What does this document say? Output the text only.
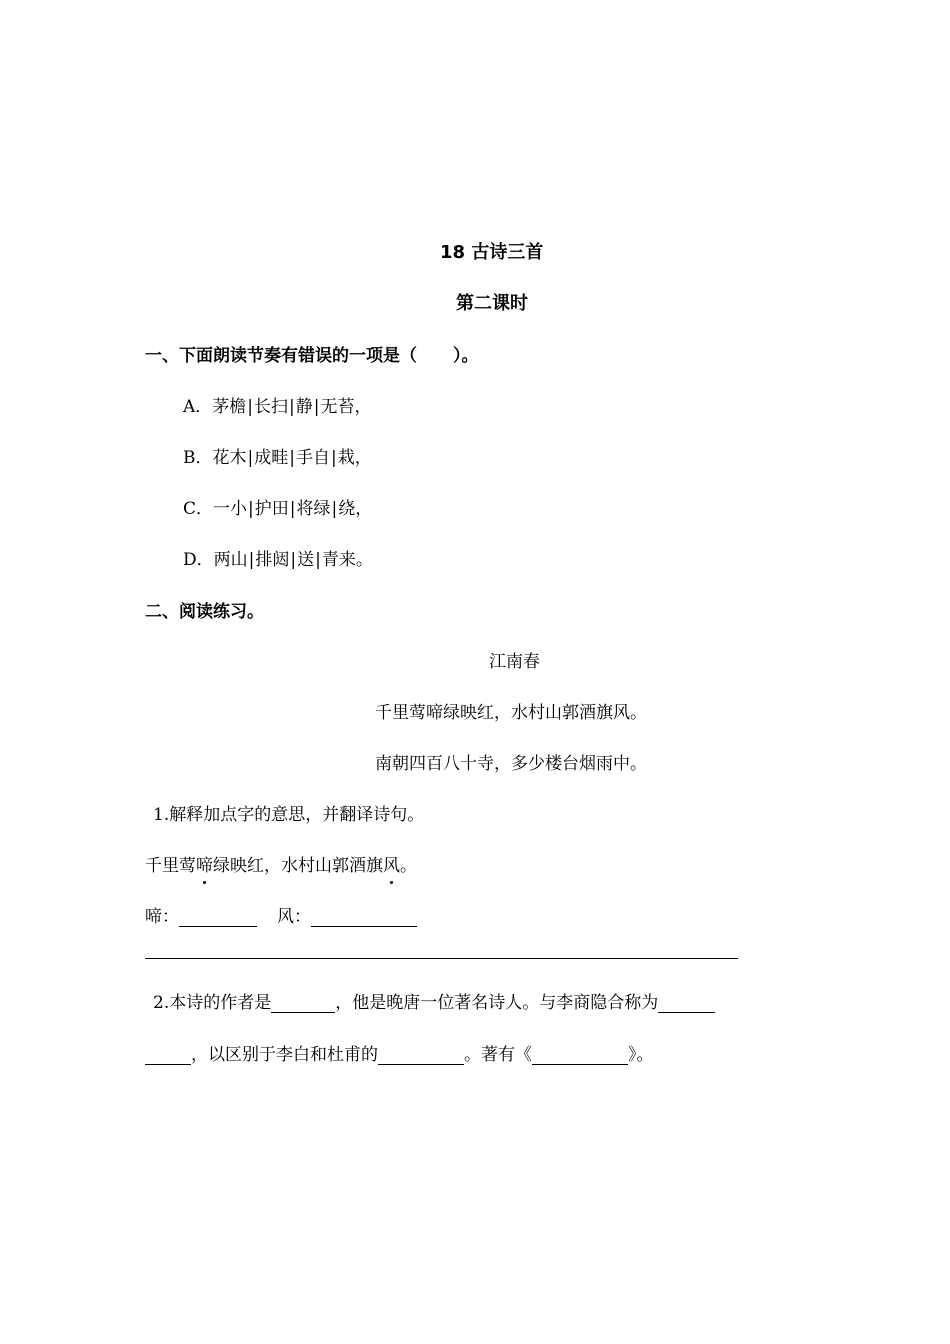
18 古诗三首
第二课时
一、下面朗读节奏有错误的一项是（ ）。
A．茅檐|长扫|静|无苔，
B．花木|成畦|手自|栽，
C．一小|护田|将绿|绕，
D．两山|排闼|送|青来。
二、阅读练习。
江南春
千里莺啼绿映红，水村山郭酒旗风。
南朝四百八十寺，多少楼台烟雨中。
1.解释加点字的意思，并翻译诗句。
千里莺啼绿映红，水村山郭酒旗风。
啼：	风：
2.本诗的作者是	，他是晚唐一位著名诗人。与李商隐合称为
，以区别于李白和杜甫的	。著有《	》。
